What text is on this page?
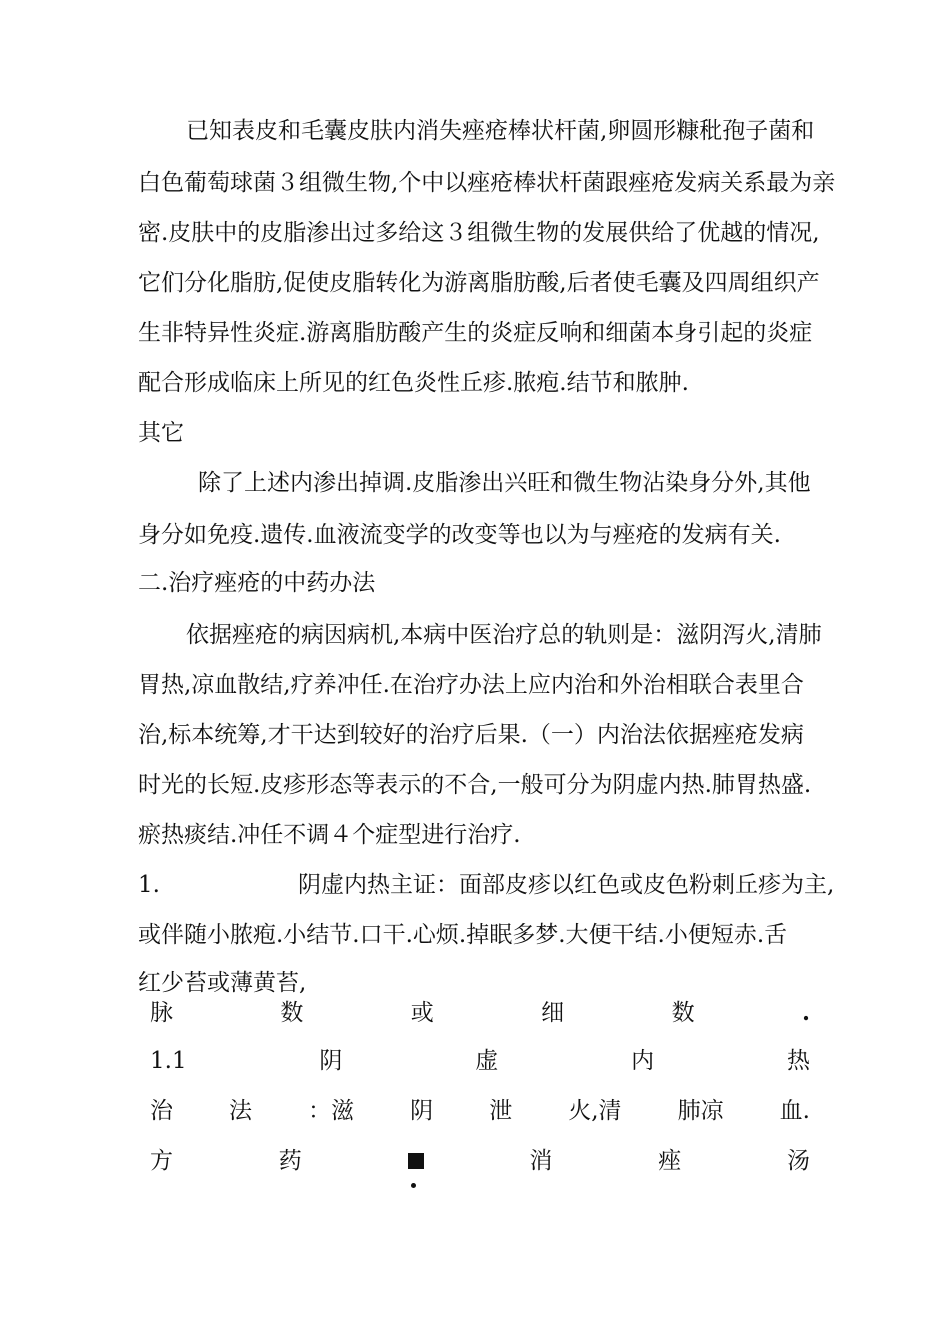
已知表皮和毛囊皮肤内消失痤疮棒状杆菌,卵圆形糠秕孢子菌和
白色葡萄球菌３组微生物,个中以痤疮棒状杆菌跟痤疮发病关系最为亲
密.皮肤中的皮脂渗出过多给这３组微生物的发展供给了优越的情况,
它们分化脂肪,促使皮脂转化为游离脂肪酸,后者使毛囊及四周组织产
生非特异性炎症.游离脂肪酸产生的炎症反响和细菌本身引起的炎症
配合形成临床上所见的红色炎性丘疹.脓疱.结节和脓肿.
其它
除了上述内渗出掉调.皮脂渗出兴旺和微生物沾染身分外,其他
身分如免疫.遗传.血液流变学的改变等也以为与痤疮的发病有关.
二.治疗痤疮的中药办法
依据痤疮的病因病机,本病中医治疗总的轨则是：滋阴泻火,清肺
胃热,凉血散结,疗养冲任.在治疗办法上应内治和外治相联合表里合
治,标本统筹,才干达到较好的治疗后果.（一）内治法依据痤疮发病
时光的长短.皮疹形态等表示的不合,一般可分为阴虚内热.肺胃热盛.
瘀热痰结.冲任不调４个症型进行治疗.
1.	阴虚内热主证：面部皮疹以红色或皮色粉刺丘疹为主,
或伴随小脓疱.小结节.口干.心烦.掉眠多梦.大便干结.小便短赤.舌
红少苔或薄黄苔,
脉	数	或	细	数	.
1.1	阴	虚	内	热
治 法 ：滋 阴 泄 火,清 肺凉 血.
方	药	消	痤	汤
